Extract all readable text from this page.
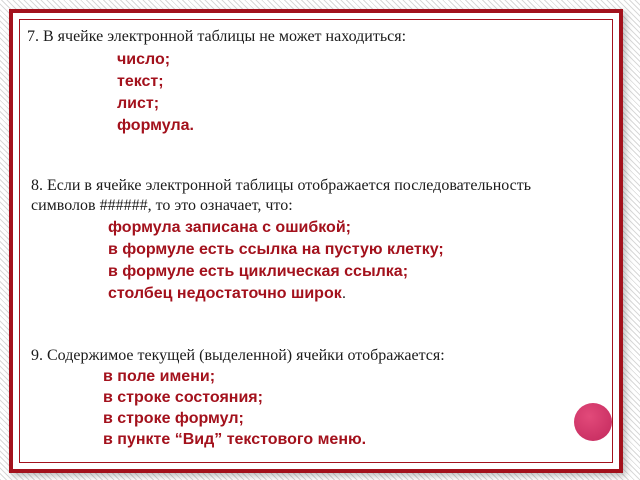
7. В ячейке электронной таблицы не может находиться:
число;
текст;
лист;
формула.
8. Если в ячейке электронной таблицы отображается последовательность
символов ######, то это означает, что:
формула записана с ошибкой;
в формуле есть ссылка на пустую клетку;
в формуле есть циклическая ссылка;
столбец недостаточно широк.
9. Содержимое текущей (выделенной) ячейки отображается:
в поле имени;
в строке состояния;
в строке формул;
в пункте “Вид” текстового меню.
